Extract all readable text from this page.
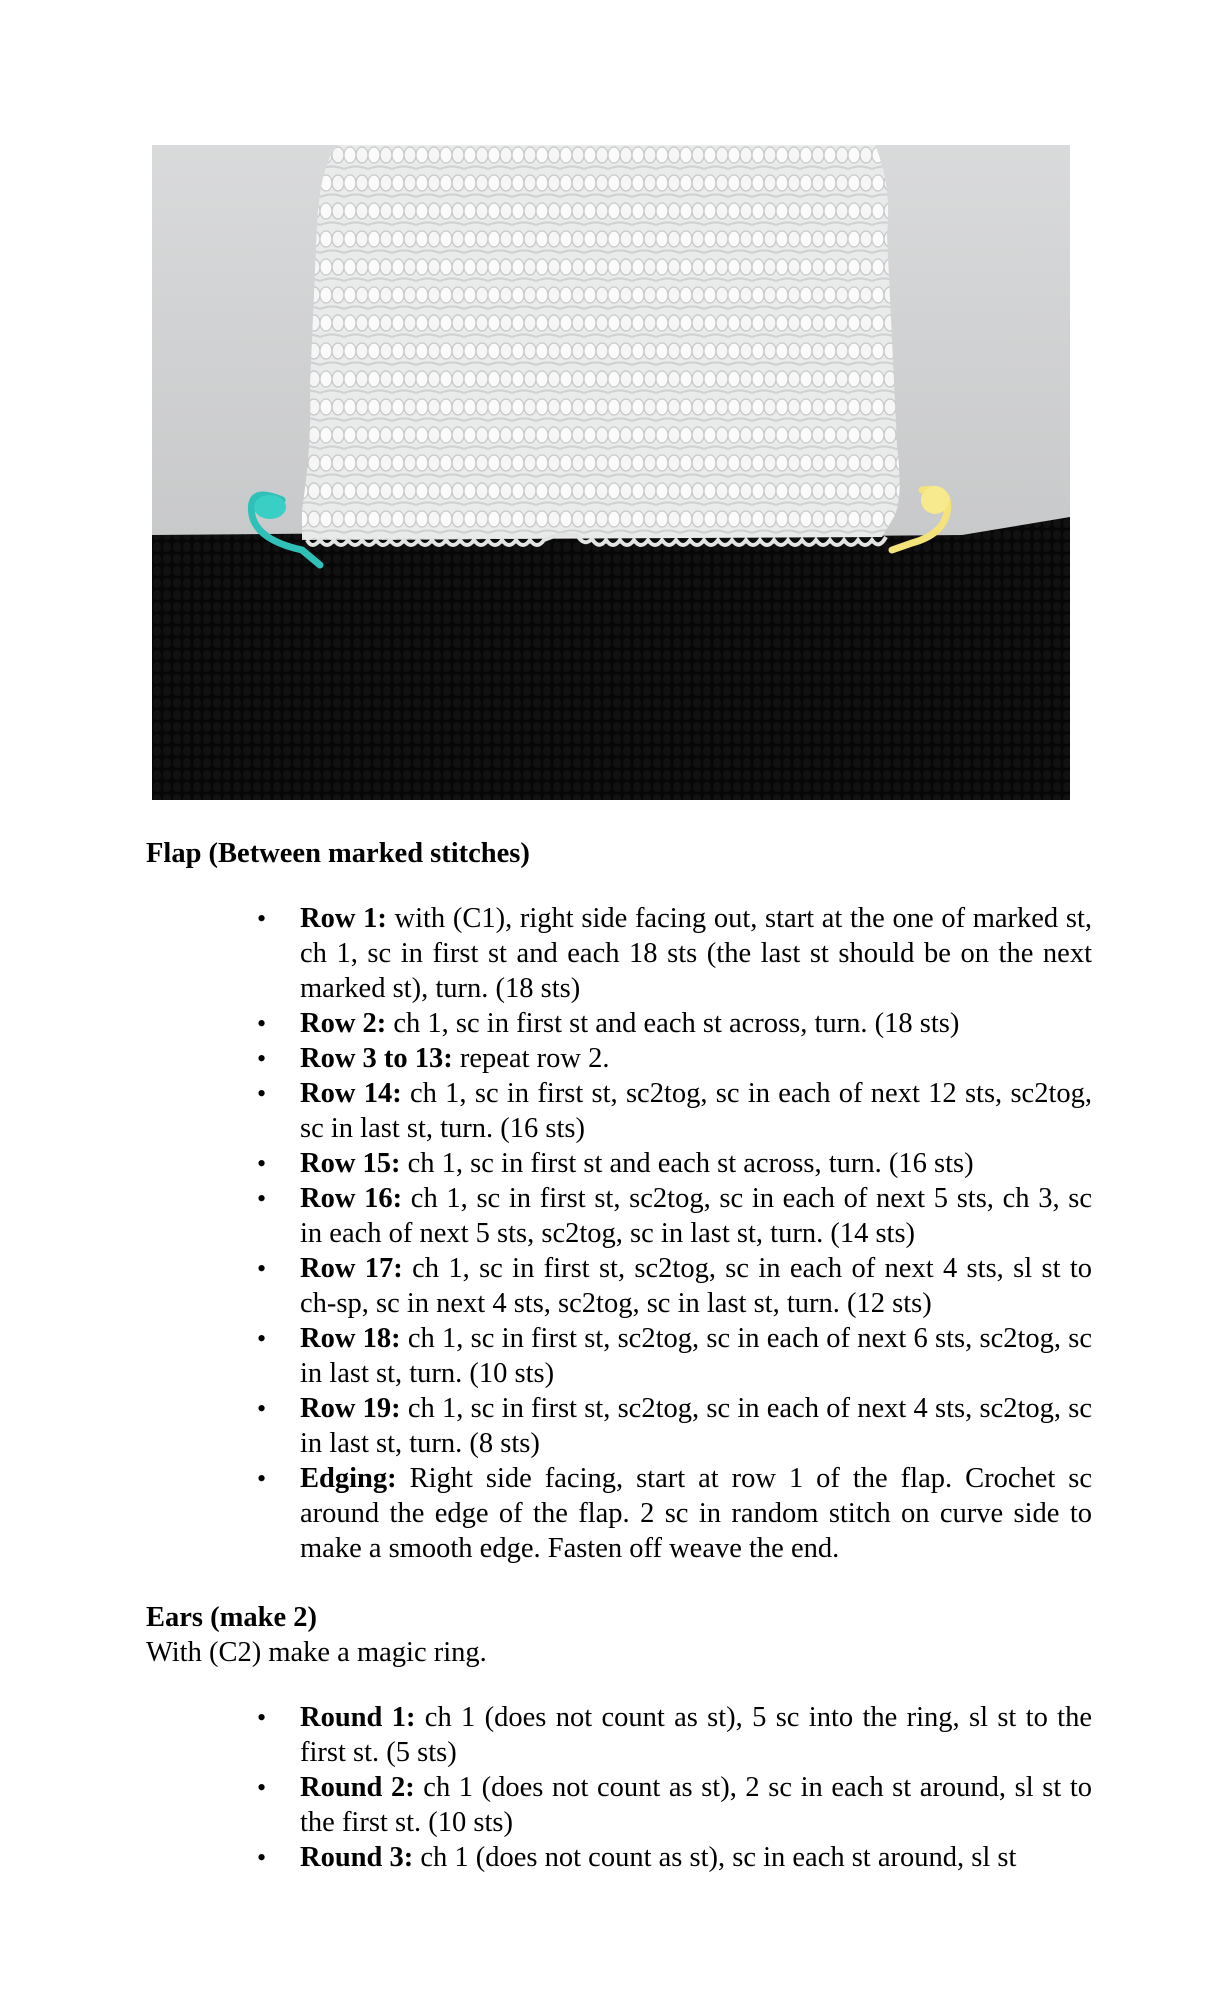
Flap (Between marked stitches)

• Row 1: with (C1), right side facing out, start at the one of marked st, ch 1, sc in first st and each 18 sts (the last st should be on the next marked st), turn. (18 sts)
• Row 2: ch 1, sc in first st and each st across, turn. (18 sts)
• Row 3 to 13: repeat row 2.
• Row 14: ch 1, sc in first st, sc2tog, sc in each of next 12 sts, sc2tog, sc in last st, turn. (16 sts)
• Row 15: ch 1, sc in first st and each st across, turn. (16 sts)
• Row 16: ch 1, sc in first st, sc2tog, sc in each of next 5 sts, ch 3, sc in each of next 5 sts, sc2tog, sc in last st, turn. (14 sts)
• Row 17: ch 1, sc in first st, sc2tog, sc in each of next 4 sts, sl st to ch-sp, sc in next 4 sts, sc2tog, sc in last st, turn. (12 sts)
• Row 18: ch 1, sc in first st, sc2tog, sc in each of next 6 sts, sc2tog, sc in last st, turn. (10 sts)
• Row 19: ch 1, sc in first st, sc2tog, sc in each of next 4 sts, sc2tog, sc in last st, turn. (8 sts)
• Edging: Right side facing, start at row 1 of the flap. Crochet sc around the edge of the flap. 2 sc in random stitch on curve side to make a smooth edge. Fasten off weave the end.

Ears (make 2)

With (C2) make a magic ring.

• Round 1: ch 1 (does not count as st), 5 sc into the ring, sl st to the first st. (5 sts)
• Round 2: ch 1 (does not count as st), 2 sc in each st around, sl st to the first st. (10 sts)
• Round 3: ch 1 (does not count as st), sc in each st around, sl st
